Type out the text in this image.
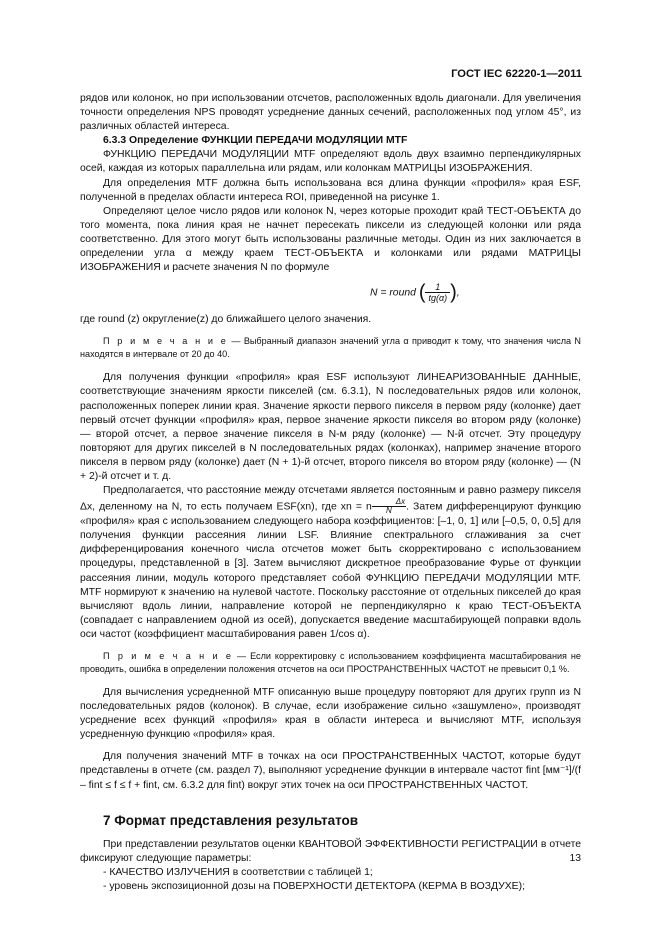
ГОСТ IEC 62220-1—2011

рядов или колонок, но при использовании отсчетов, расположенных вдоль диагонали. Для увеличения точности определения NPS проводят усреднение данных сечений, расположенных под углом 45°, из различных областей интереса.

6.3.3 Определение ФУНКЦИИ ПЕРЕДАЧИ МОДУЛЯЦИИ MTF

ФУНКЦИЮ ПЕРЕДАЧИ МОДУЛЯЦИИ MTF определяют вдоль двух взаимно перпендикулярных осей, каждая из которых параллельна или рядам, или колонкам МАТРИЦЫ ИЗОБРАЖЕНИЯ.

Для определения MTF должна быть использована вся длина функции «профиля» края ESF, полученной в пределах области интереса ROI, приведенной на рисунке 1.

Определяют целое число рядов или колонок N, через которые проходит край ТЕСТ-ОБЪЕКТА до того момента, пока линия края не начнет пересекать пиксели из следующей колонки или ряда соответственно. Для этого могут быть использованы различные методы. Один из них заключается в определении угла α между краем ТЕСТ-ОБЪЕКТА и колонками или рядами МАТРИЦЫ ИЗОБРАЖЕНИЯ и расчете значения N по формуле

N = round ( $\frac{1}{tg(\alpha)}$ ),

где round (z) округление(z) до ближайшего целого значения.

П р и м е ч а н и е — Выбранный диапазон значений угла α приводит к тому, что значения числа N находятся в интервале от 20 до 40.

Для получения функции «профиля» края ESF используют ЛИНЕАРИЗОВАННЫЕ ДАННЫЕ, соответствующие значениям яркости пикселей (см. 6.3.1), N последовательных рядов или колонок, расположенных поперек линии края. Значение яркости первого пикселя в первом ряду (колонке) дает первый отсчет функции «профиля» края, первое значение яркости пикселя во втором ряду (колонке) — второй отсчет, а первое значение пикселя в N-м ряду (колонке) — N-й отсчет. Эту процедуру повторяют для других пикселей в N последовательных рядах (колонках), например значение второго пикселя в первом ряду (колонке) дает (N + 1)-й отсчет, второго пикселя во втором ряду (колонке) — (N + 2)-й отсчет и т. д.

Предполагается, что расстояние между отсчетами является постоянным и равно размеру пикселя Δx, деленному на N, то есть получаем ESF(xn), где xn = n $\frac{\Delta x}{N}$. Затем дифференцируют функцию «профиля» края с использованием следующего набора коэффициентов: [–1, 0, 1] или [–0,5, 0, 0,5] для получения функции рассеяния линии LSF. Влияние спектрального сглаживания за счет дифференцирования конечного числа отсчетов может быть скорректировано с использованием процедуры, представленной в [3]. Затем вычисляют дискретное преобразование Фурье от функции рассеяния линии, модуль которого представляет собой ФУНКЦИЮ ПЕРЕДАЧИ МОДУЛЯЦИИ MTF. MTF нормируют к значению на нулевой частоте. Поскольку расстояние от отдельных пикселей до края вычисляют вдоль линии, направление которой не перпендикулярно к краю ТЕСТ-ОБЪЕКТА (совпадает с направлением одной из осей), допускается введение масштабирующей поправки вдоль оси частот (коэффициент масштабирования равен 1/cos α).

П р и м е ч а н и е — Если корректировку с использованием коэффициента масштабирования не проводить, ошибка в определении положения отсчетов на оси ПРОСТРАНСТВЕННЫХ ЧАСТОТ не превысит 0,1 %.

Для вычисления усредненной MTF описанную выше процедуру повторяют для других групп из N последовательных рядов (колонок). В случае, если изображение сильно «зашумлено», производят усреднение всех функций «профиля» края в области интереса и вычисляют MTF, используя усредненную функцию «профиля» края.

Для получения значений MTF в точках на оси ПРОСТРАНСТВЕННЫХ ЧАСТОТ, которые будут представлены в отчете (см. раздел 7), выполняют усреднение функции в интервале частот fint [мм⁻¹]/(f – fint ≤ f ≤ f + fint, см. 6.3.2 для fint) вокруг этих точек на оси ПРОСТРАНСТВЕННЫХ ЧАСТОТ.

7 Формат представления результатов

При представлении результатов оценки КВАНТОВОЙ ЭФФЕКТИВНОСТИ РЕГИСТРАЦИИ в отчете фиксируют следующие параметры:

- КАЧЕСТВО ИЗЛУЧЕНИЯ в соответствии с таблицей 1;

- уровень экспозиционной дозы на ПОВЕРХНОСТИ ДЕТЕКТОРА (КЕРМА В ВОЗДУХЕ);

13
